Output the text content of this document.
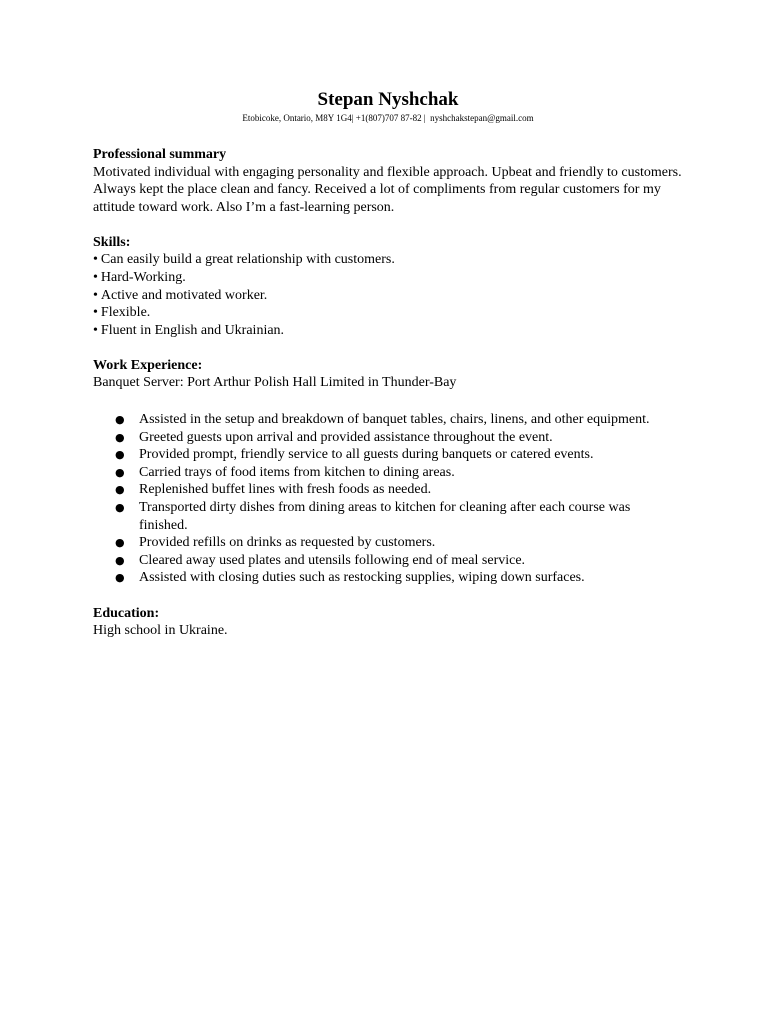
Stepan Nyshchak
Etobicoke, Ontario, M8Y 1G4| +1(807)707 87-82 |  nyshchakstepan@gmail.com
Professional summary

Motivated individual with engaging personality and flexible approach. Upbeat and friendly to customers. Always kept the place clean and fancy. Received a lot of compliments from regular customers for my attitude toward work. Also I’m a fast-learning person.

Skills:
• Can easily build a great relationship with customers.
• Hard-Working.
• Active and motivated worker.
• Flexible.
• Fluent in English and Ukrainian.
Work Experience:

Banquet Server: Port Arthur Polish Hall Limited in Thunder-Bay

● Assisted in the setup and breakdown of banquet tables, chairs, linens, and other equipment.
● Greeted guests upon arrival and provided assistance throughout the event.
● Provided prompt, friendly service to all guests during banquets or catered events.
● Carried trays of food items from kitchen to dining areas.
● Replenished buffet lines with fresh foods as needed.
● Transported dirty dishes from dining areas to kitchen for cleaning after each course was finished.
● Provided refills on drinks as requested by customers.
● Cleared away used plates and utensils following end of meal service.
● Assisted with closing duties such as restocking supplies, wiping down surfaces.
Education:

High school in Ukraine.
